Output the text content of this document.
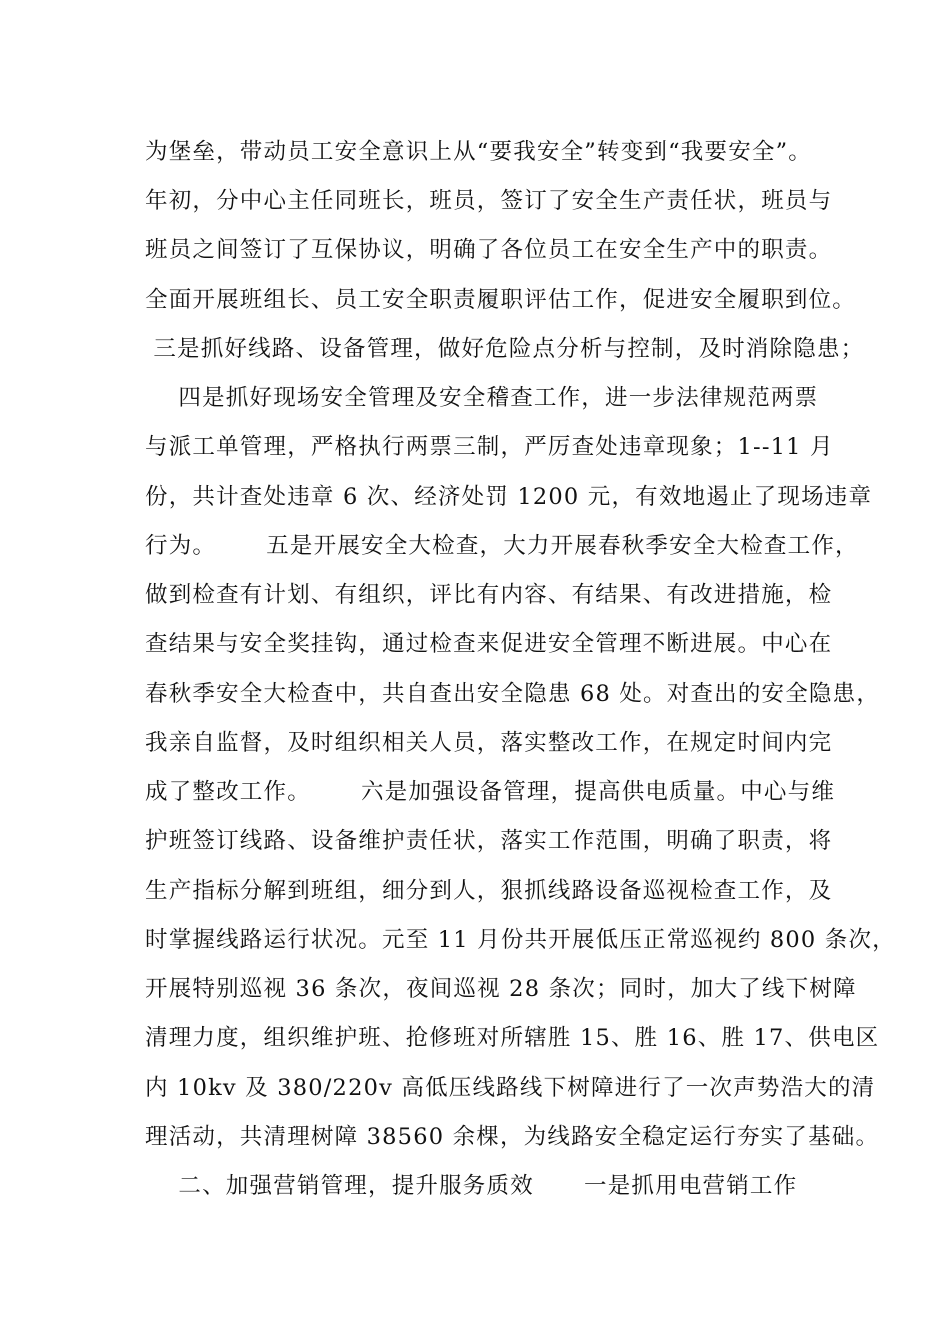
为堡垒，带动员工安全意识上从“要我安全”转变到“我要安全”。
年初，分中心主任同班长，班员，签订了安全生产责任状，班员与
班员之间签订了互保协议，明确了各位员工在安全生产中的职责。
全面开展班组长、员工安全职责履职评估工作，促进安全履职到位。
三是抓好线路、设备管理，做好危险点分析与控制，及时消除隐患；
四是抓好现场安全管理及安全稽查工作，进一步法律规范两票
与派工单管理，严格执行两票三制，严厉查处违章现象；1--11 月
份，共计查处违章 6 次、经济处罚 1200 元，有效地遏止了现场违章
行为。      五是开展安全大检查，大力开展春秋季安全大检查工作，
做到检查有计划、有组织，评比有内容、有结果、有改进措施，检
查结果与安全奖挂钩，通过检查来促进安全管理不断进展。中心在
春秋季安全大检查中，共自查出安全隐患 68 处。对查出的安全隐患，
我亲自监督，及时组织相关人员，落实整改工作，在规定时间内完
成了整改工作。      六是加强设备管理，提高供电质量。中心与维
护班签订线路、设备维护责任状，落实工作范围，明确了职责，将
生产指标分解到班组，细分到人，狠抓线路设备巡视检查工作，及
时掌握线路运行状况。元至 11 月份共开展低压正常巡视约 800 条次，
开展特别巡视 36 条次，夜间巡视 28 条次；同时，加大了线下树障
清理力度，组织维护班、抢修班对所辖胜 15、胜 16、胜 17、供电区
内 10kv 及 380/220v 高低压线路线下树障进行了一次声势浩大的清
理活动，共清理树障 38560 余棵，为线路安全稳定运行夯实了基础。
二、加强营销管理，提升服务质效      一是抓用电营销工作
